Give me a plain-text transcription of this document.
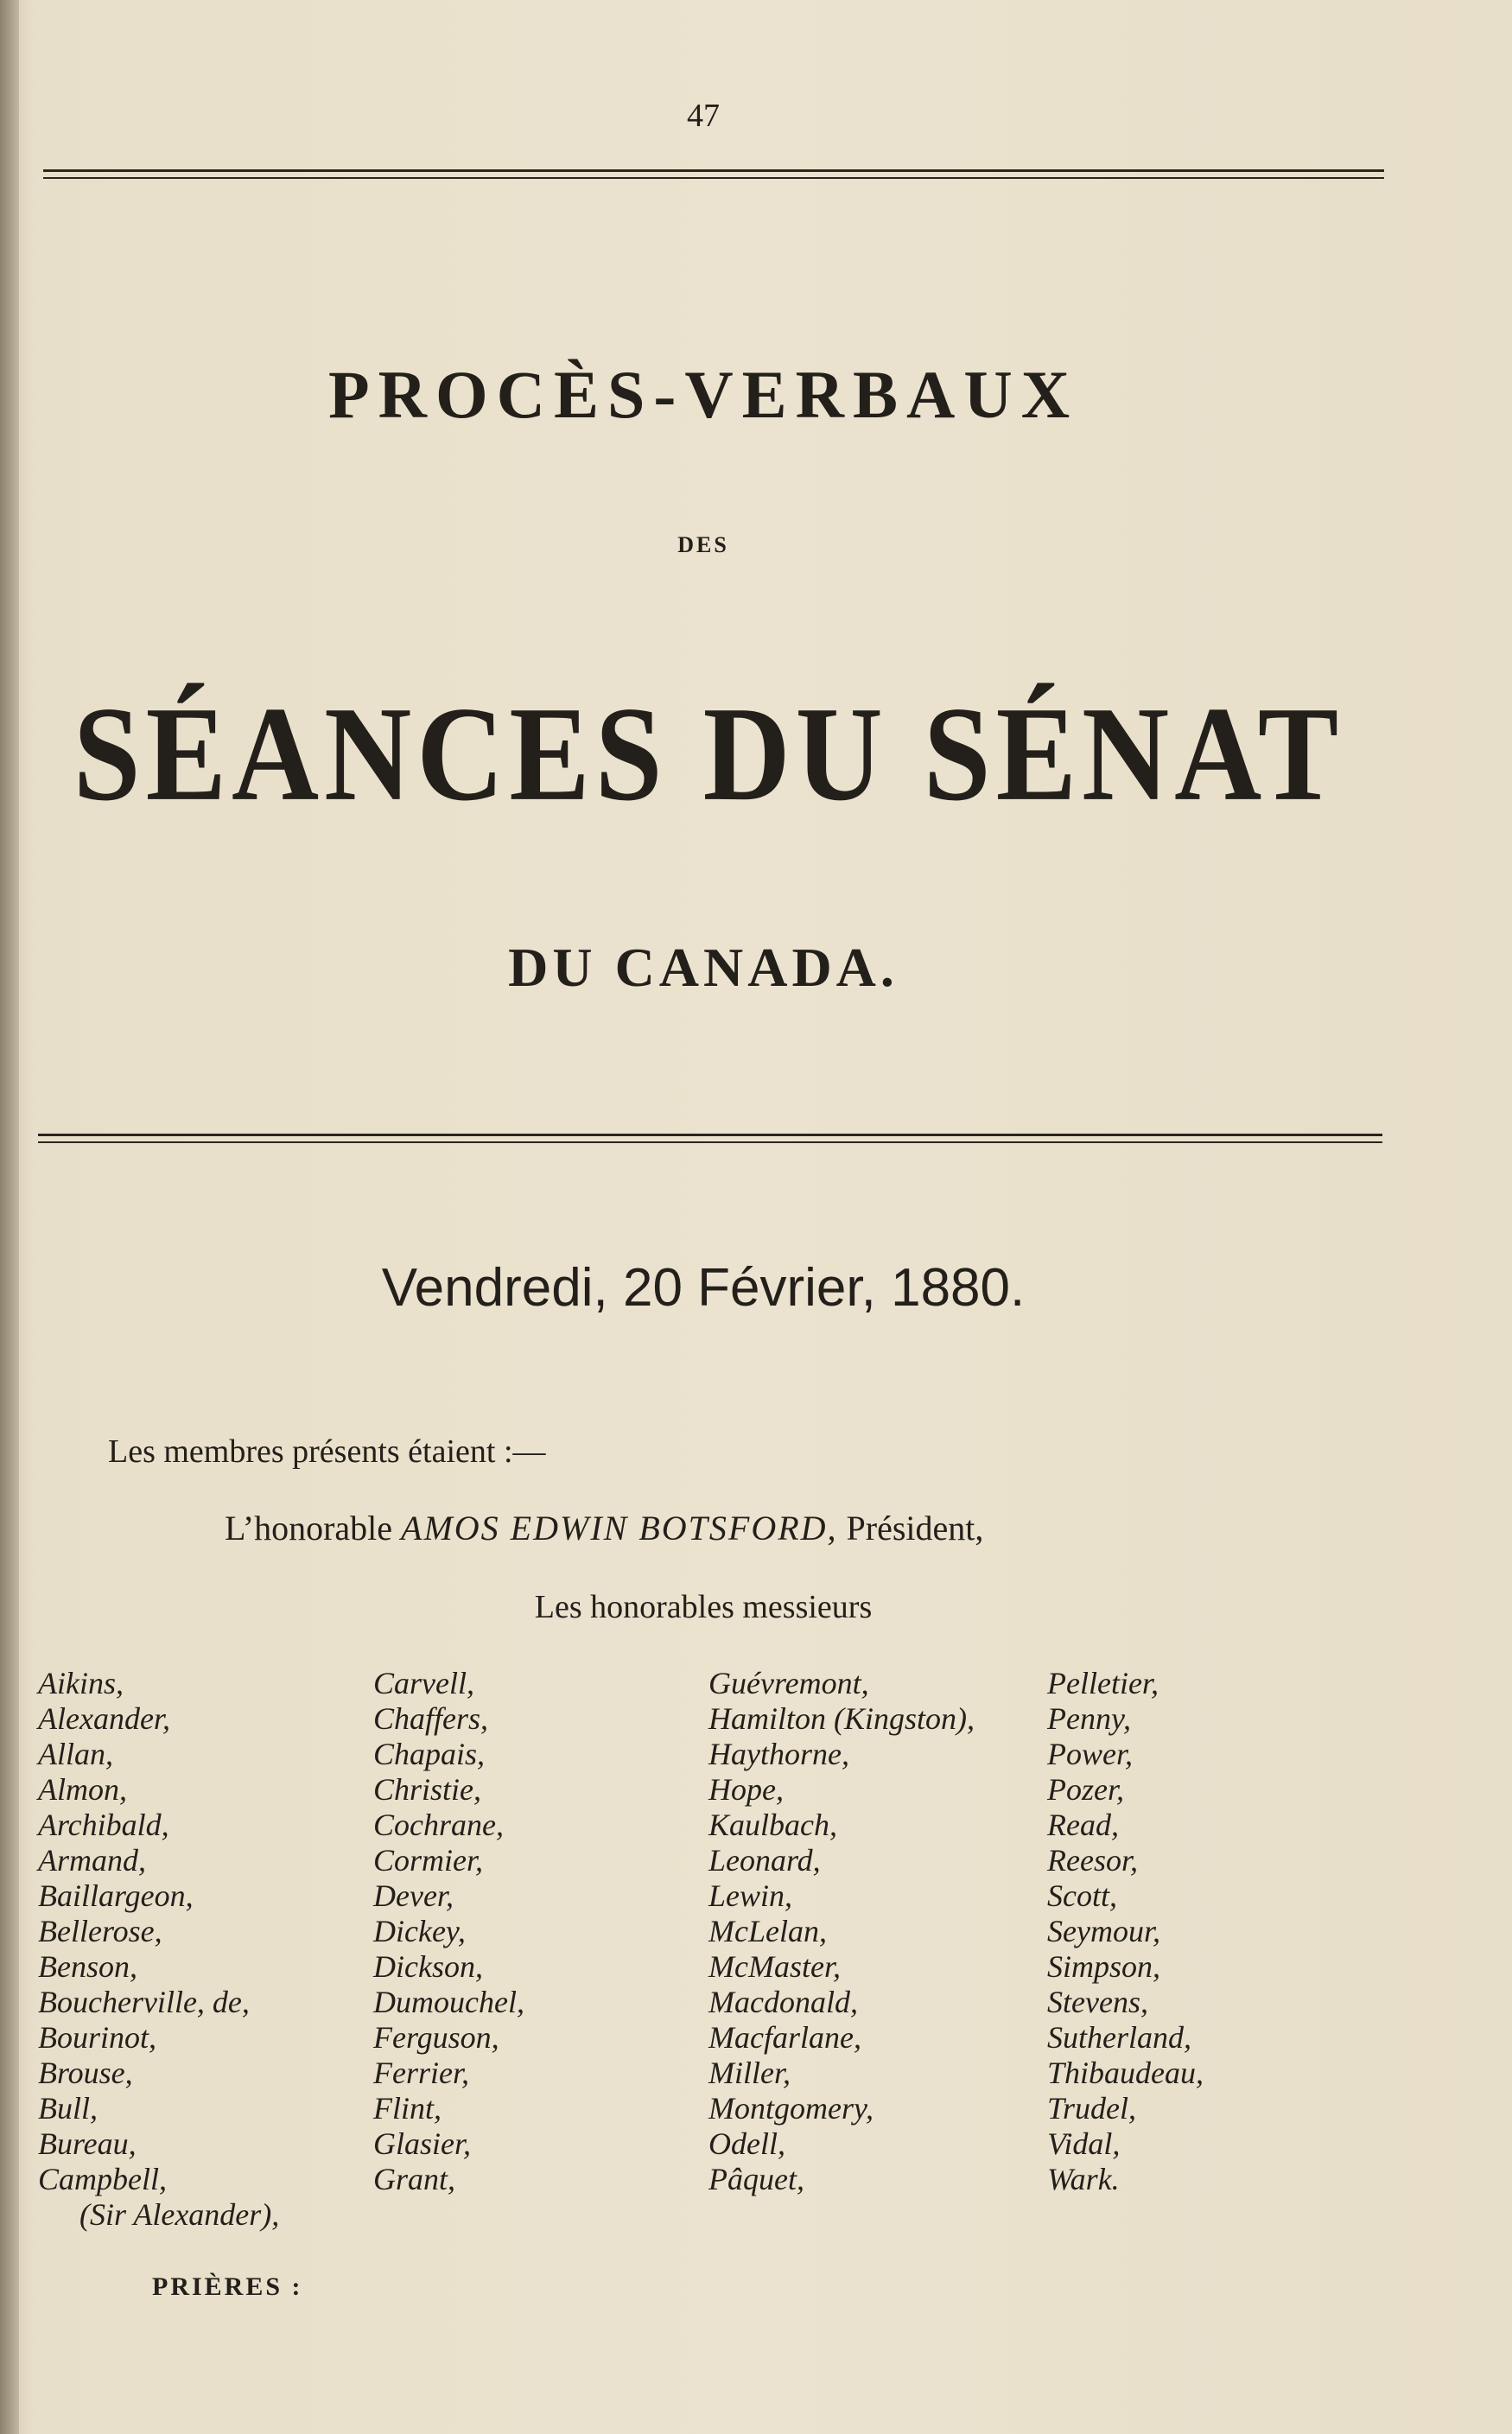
47
PROCÈS-VERBAUX
DES
SÉANCES DU SÉNAT
DU CANADA.
Vendredi, 20 Février, 1880.
Les membres présents étaient :—
L’honorable AMOS EDWIN BOTSFORD, Président,
Les honorables messieurs
Aikins,
Alexander,
Allan,
Almon,
Archibald,
Armand,
Baillargeon,
Bellerose,
Benson,
Boucherville, de,
Bourinot,
Brouse,
Bull,
Bureau,
Campbell,
(Sir Alexander),
Carvell,
Chaffers,
Chapais,
Christie,
Cochrane,
Cormier,
Dever,
Dickey,
Dickson,
Dumouchel,
Ferguson,
Ferrier,
Flint,
Glasier,
Grant,
Guévremont,
Hamilton (Kingston),
Haythorne,
Hope,
Kaulbach,
Leonard,
Lewin,
McLelan,
McMaster,
Macdonald,
Macfarlane,
Miller,
Montgomery,
Odell,
Pâquet,
Pelletier,
Penny,
Power,
Pozer,
Read,
Reesor,
Scott,
Seymour,
Simpson,
Stevens,
Sutherland,
Thibaudeau,
Trudel,
Vidal,
Wark.
PRIÈRES :
